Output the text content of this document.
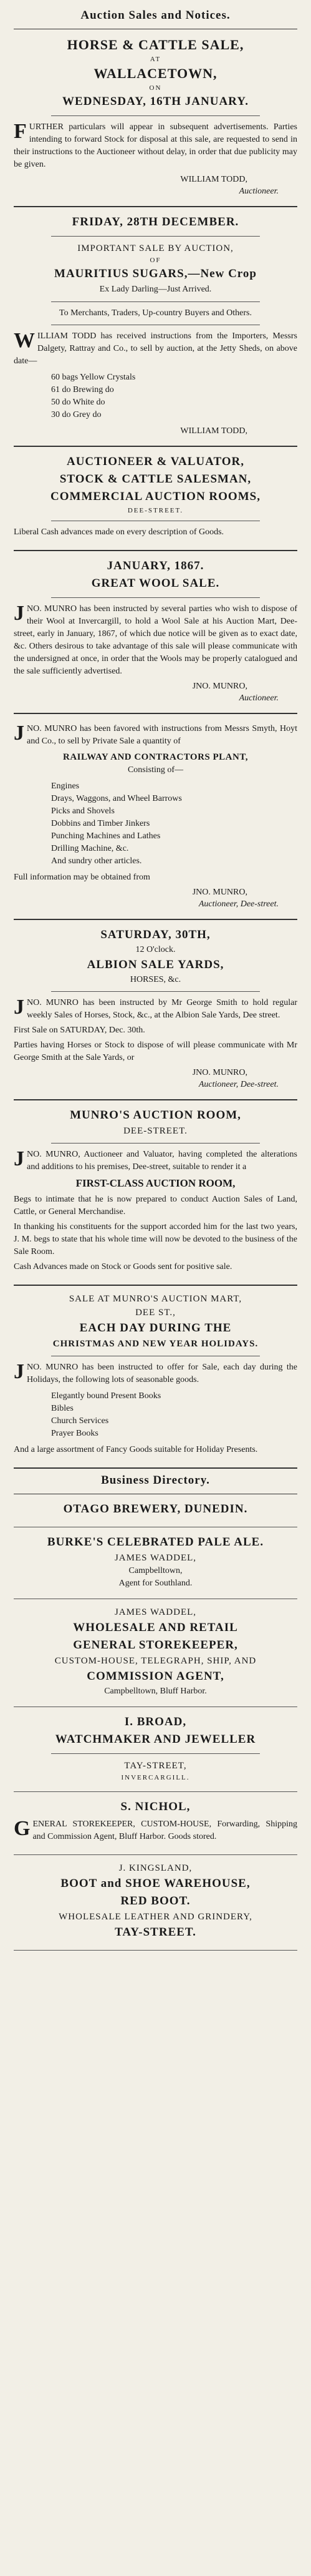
Auction Sales and Notices.
HORSE & CATTLE SALE,
AT
WALLACETOWN,
ON
WEDNESDAY, 16TH JANUARY.

FURTHER particulars will appear in subsequent advertisements. Parties intending to forward Stock for disposal at this sale, are requested to send in their instructions to the Auctioneer without delay, in order that due publicity may be given.

WILLIAM TODD,
Auctioneer.
FRIDAY, 28TH DECEMBER.
IMPORTANT SALE BY AUCTION,
OF
MAURITIUS SUGARS,—New Crop
Ex Lady Darling—Just Arrived.
To Merchants, Traders, Up-country Buyers and Others.

WILLIAM TODD has received instructions from the Importers, Messrs Dalgety, Rattray and Co., to sell by auction, at the Jetty Sheds, on above date—

60 bags Yellow Crystals
61 do Brewing do
50 do White do
30 do Grey do
WILLIAM TODD,
AUCTIONEER & VALUATOR,
STOCK & CATTLE SALESMAN,
COMMERCIAL AUCTION ROOMS,
DEE-STREET.

Liberal Cash advances made on every description of Goods.

JANUARY, 1867.
GREAT WOOL SALE.

JNO. MUNRO has been instructed by several parties who wish to dispose of their Wool at Invercargill, to hold a Wool Sale at his Auction Mart, Dee-street, early in January, 1867, of which due notice will be given as to exact date, &c. Others desirous to take advantage of this sale will please communicate with the undersigned at once, in order that the Wools may be properly catalogued and the sale sufficiently advertised.

JNO. MUNRO,
Auctioneer.

JNO. MUNRO has been favored with instructions from Messrs Smyth, Hoyt and Co., to sell by Private Sale a quantity of

RAILWAY AND CONTRACTORS PLANT,
Consisting of—
Engines
Drays, Waggons, and Wheel Barrows
Picks and Shovels
Dobbins and Timber Jinkers
Punching Machines and Lathes
Drilling Machine, &c.
And sundry other articles.

Full information may be obtained from

JNO. MUNRO,
Auctioneer, Dee-street.
SATURDAY, 30TH,
12 O'clock.
ALBION SALE YARDS,
HORSES, &c.

JNO. MUNRO has been instructed by Mr George Smith to hold regular weekly Sales of Horses, Stock, &c., at the Albion Sale Yards, Dee street.

First Sale on SATURDAY, Dec. 30th.

Parties having Horses or Stock to dispose of will please communicate with Mr George Smith at the Sale Yards, or

JNO. MUNRO,
Auctioneer, Dee-street.
MUNRO'S AUCTION ROOM,
DEE-STREET.

JNO. MUNRO, Auctioneer and Valuator, having completed the alterations and additions to his premises, Dee-street, suitable to render it a

FIRST-CLASS AUCTION ROOM,

Begs to intimate that he is now prepared to conduct Auction Sales of Land, Cattle, or General Merchandise.

In thanking his constituents for the support accorded him for the last two years, J. M. begs to state that his whole time will now be devoted to the business of the Sale Room.

Cash Advances made on Stock or Goods sent for positive sale.

SALE AT MUNRO'S AUCTION MART,
DEE ST.,
EACH DAY DURING THE
CHRISTMAS AND NEW YEAR HOLIDAYS.

JNO. MUNRO has been instructed to offer for Sale, each day during the Holidays, the following lots of seasonable goods.

Elegantly bound Present Books
Bibles
Church Services
Prayer Books

And a large assortment of Fancy Goods suitable for Holiday Presents.

Business Directory.
OTAGO BREWERY, DUNEDIN.
BURKE'S CELEBRATED PALE ALE.
JAMES WADDEL,
Campbelltown,
Agent for Southland.
JAMES WADDEL,
WHOLESALE AND RETAIL
GENERAL STOREKEEPER,
CUSTOM-HOUSE, TELEGRAPH, SHIP, AND
COMMISSION AGENT,
Campbelltown, Bluff Harbor.
I. BROAD,
WATCHMAKER AND JEWELLER
TAY-STREET,
INVERCARGILL.
S. NICHOL,

GENERAL STOREKEEPER, CUSTOM-HOUSE, Forwarding, Shipping and Commission Agent, Bluff Harbor. Goods stored.

J. KINGSLAND,
BOOT and SHOE WAREHOUSE,
RED BOOT.
WHOLESALE LEATHER AND GRINDERY,
TAY-STREET.
